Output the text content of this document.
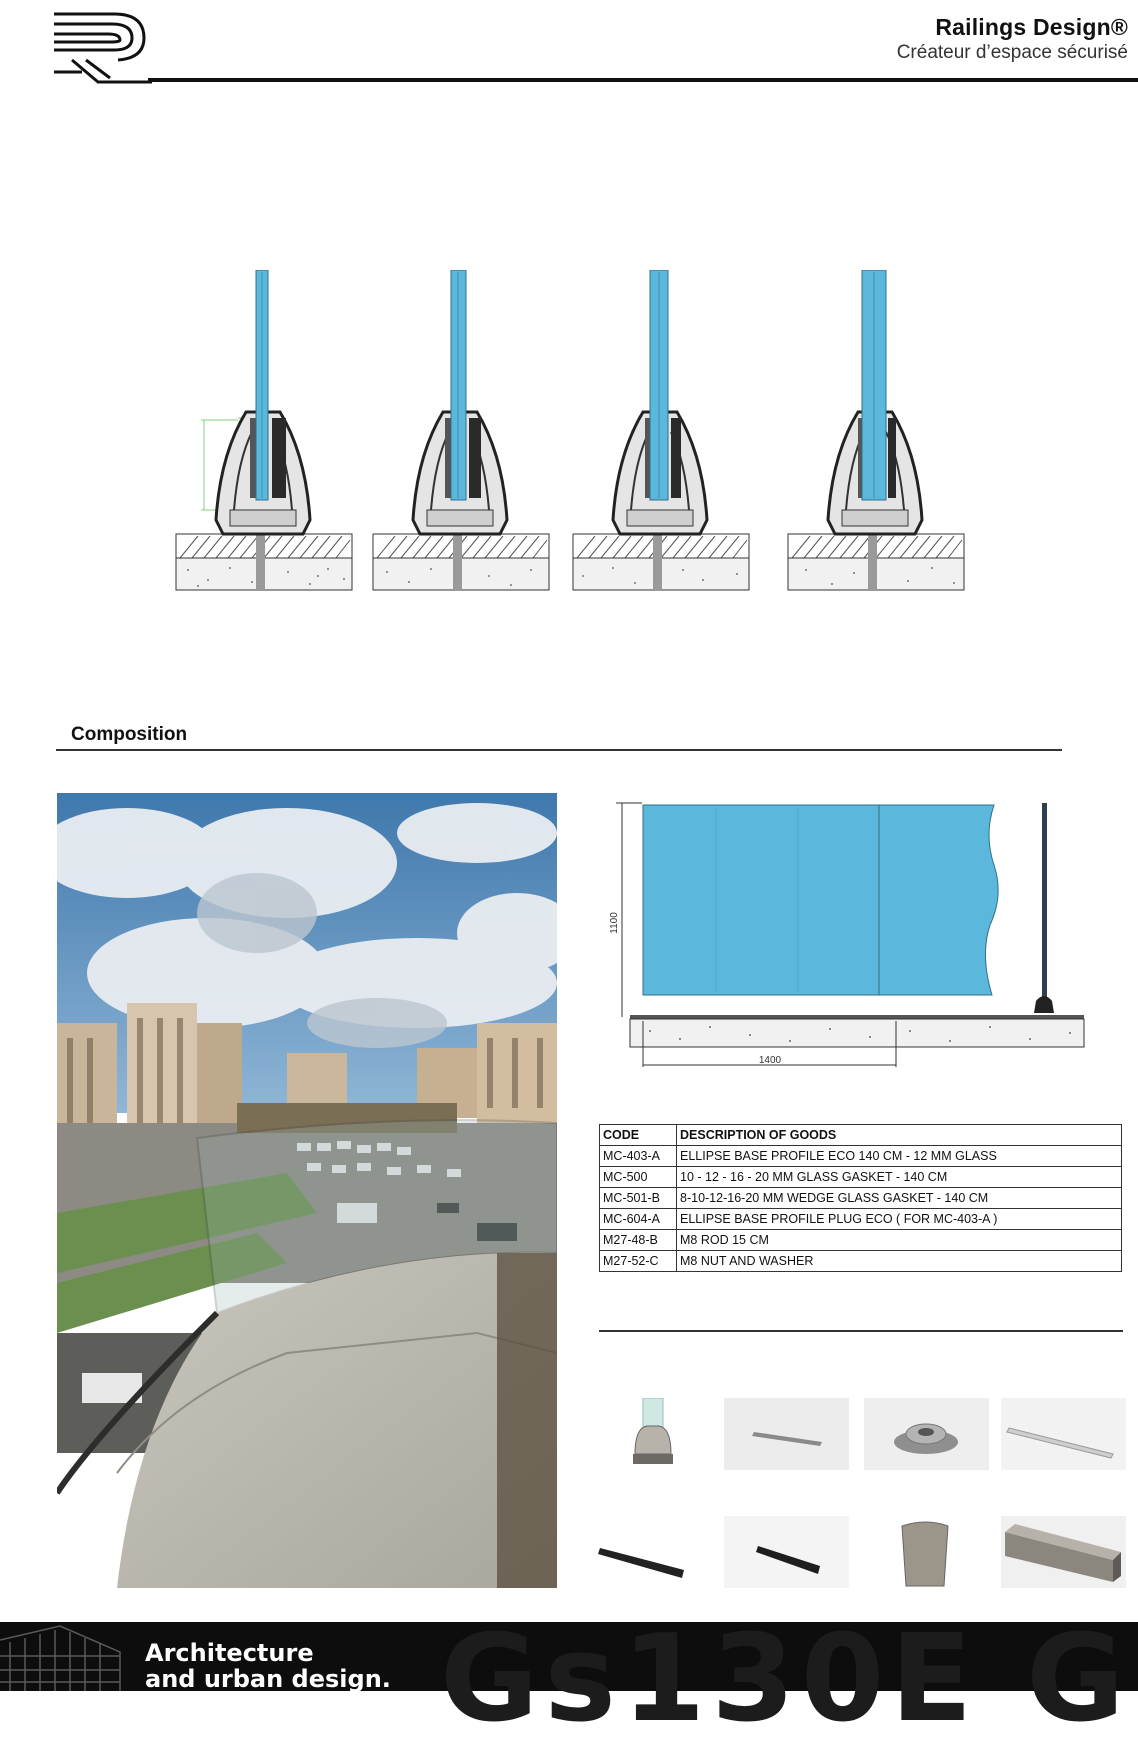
Railings Design®
Créateur d’espace sécurisé
Composition
1100
1400
CODE	DESCRIPTION OF GOODS
MC-403-A	ELLIPSE BASE PROFILE ECO 140 CM - 12 MM GLASS
MC-500	10 - 12 - 16 - 20 MM GLASS GASKET - 140 CM
MC-501-B	8-10-12-16-20 MM WEDGE GLASS GASKET - 140 CM
MC-604-A	ELLIPSE BASE PROFILE PLUG ECO ( FOR MC-403-A )
M27-48-B	M8 ROD 15 CM
M27-52-C	M8 NUT AND WASHER
Gs130E G
Architecture
and urban design.
